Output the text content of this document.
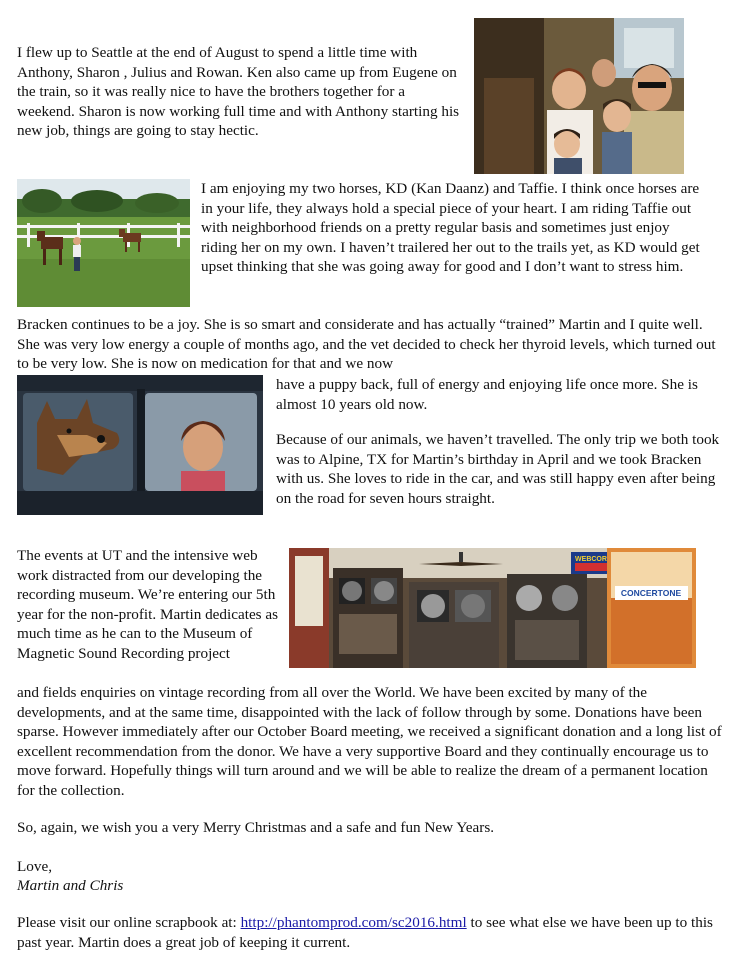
I flew up to Seattle at the end of August to spend a little time with Anthony, Sharon , Julius and Rowan. Ken also came up from Eugene on the train, so it was really nice to have the brothers together for a weekend. Sharon is now working full time and with Anthony starting his new job, things are going to stay hectic.

I am enjoying my two horses, KD (Kan Daanz) and Taffie. I think once horses are in your life, they always hold a special piece of your heart. I am riding Taffie out with neighborhood friends on a pretty regular basis and sometimes just enjoy riding her on my own. I haven’t trailered her out to the trails yet, as KD would get upset thinking that she was going away for good and I don’t want to stress him.

Bracken continues to be a joy. She is so smart and considerate and has actually “trained” Martin and I quite well. She was very low energy a couple of months ago, and the vet decided to check her thyroid levels, which turned out to be very low. She is now on medication for that and we now

have a puppy back, full of energy and enjoying life once more. She is almost 10 years old now.

Because of our animals, we haven’t travelled. The only trip we both took was to Alpine, TX for Martin’s birthday in April and we took Bracken with us. She loves to ride in the car, and was still happy even after being on the road for seven hours straight.

The events at UT and the intensive web work distracted from our developing the recording museum. We’re entering our 5th year for the non-profit. Martin dedicates as much time as he can to the Museum of Magnetic Sound Recording project

WEBCOR
CONCERTONE

and fields enquiries on vintage recording from all over the World. We have been excited by many of the developments, and at the same time, disappointed with the lack of follow through by some. Donations have been sparse. However immediately after our October Board meeting, we received a significant donation and a long list of excellent recommendation from the donor. We have a very supportive Board and they continually encourage us to move forward. Hopefully things will turn around and we will be able to realize the dream of a permanent location for the collection.

So, again, we wish you a very Merry Christmas and a safe and fun New Years.

Love,

Martin and Chris

Please visit our online scrapbook at: http://phantomprod.com/sc2016.html to see what else we have been up to this past year. Martin does a great job of keeping it current.
